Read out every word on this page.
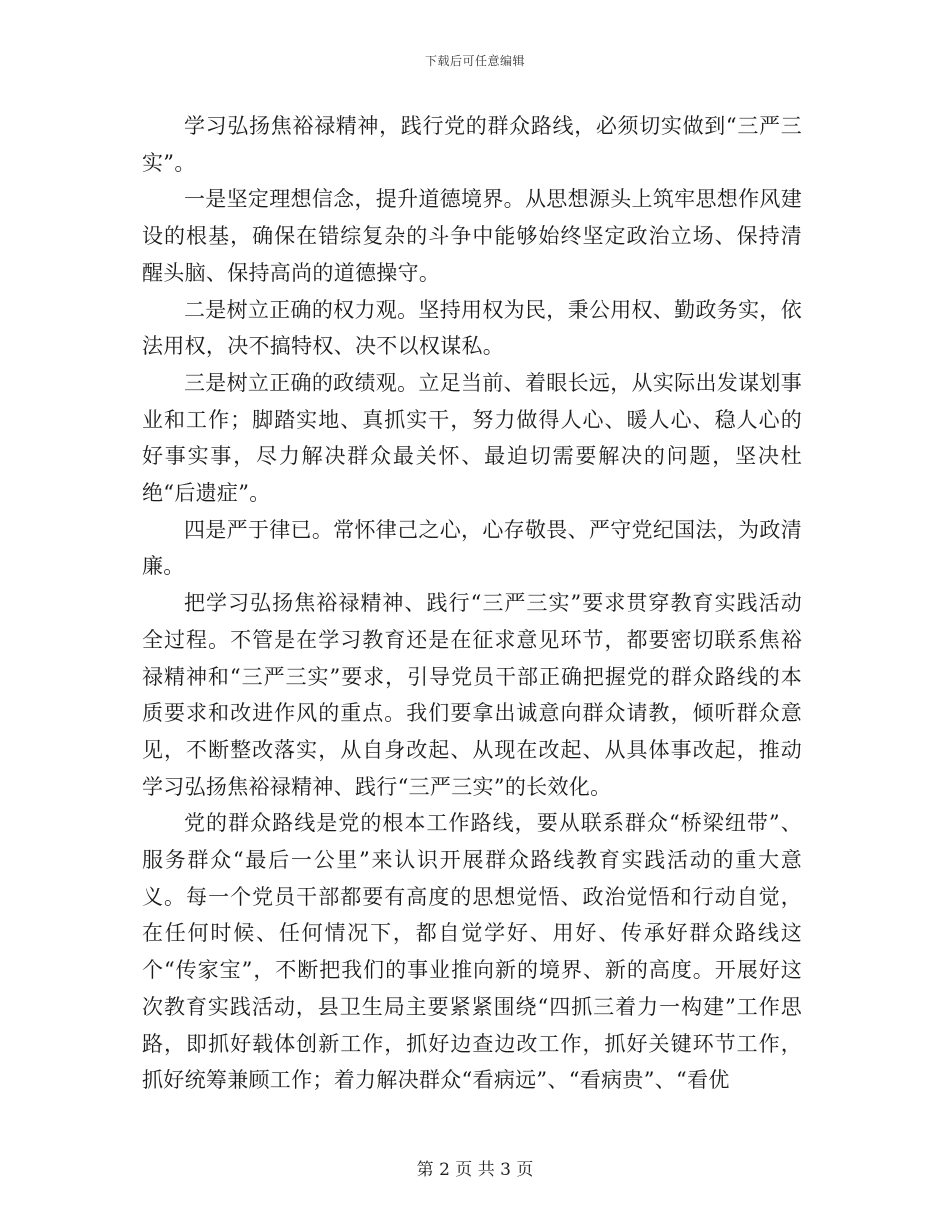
下载后可任意编辑

学习弘扬焦裕禄精神，践行党的群众路线，必须切实做到“三严三实”。

一是坚定理想信念，提升道德境界。从思想源头上筑牢思想作风建设的根基，确保在错综复杂的斗争中能够始终坚定政治立场、保持清醒头脑、保持高尚的道德操守。

二是树立正确的权力观。坚持用权为民，秉公用权、勤政务实，依法用权，决不搞特权、决不以权谋私。

三是树立正确的政绩观。立足当前、着眼长远，从实际出发谋划事业和工作；脚踏实地、真抓实干，努力做得人心、暖人心、稳人心的好事实事，尽力解决群众最关怀、最迫切需要解决的问题，坚决杜绝“后遗症”。

四是严于律已。常怀律己之心，心存敬畏、严守党纪国法，为政清廉。

把学习弘扬焦裕禄精神、践行“三严三实”要求贯穿教育实践活动全过程。不管是在学习教育还是在征求意见环节，都要密切联系焦裕禄精神和“三严三实”要求，引导党员干部正确把握党的群众路线的本质要求和改进作风的重点。我们要拿出诚意向群众请教，倾听群众意见，不断整改落实，从自身改起、从现在改起、从具体事改起，推动学习弘扬焦裕禄精神、践行“三严三实”的长效化。

党的群众路线是党的根本工作路线，要从联系群众“桥梁纽带”、服务群众“最后一公里”来认识开展群众路线教育实践活动的重大意义。每一个党员干部都要有高度的思想觉悟、政治觉悟和行动自觉，在任何时候、任何情况下，都自觉学好、用好、传承好群众路线这个“传家宝”，不断把我们的事业推向新的境界、新的高度。开展好这次教育实践活动，县卫生局主要紧紧围绕“四抓三着力一构建”工作思路，即抓好载体创新工作，抓好边查边改工作，抓好关键环节工作，抓好统筹兼顾工作；着力解决群众“看病远”、“看病贵”、“看优

第 2 页 共 3 页
